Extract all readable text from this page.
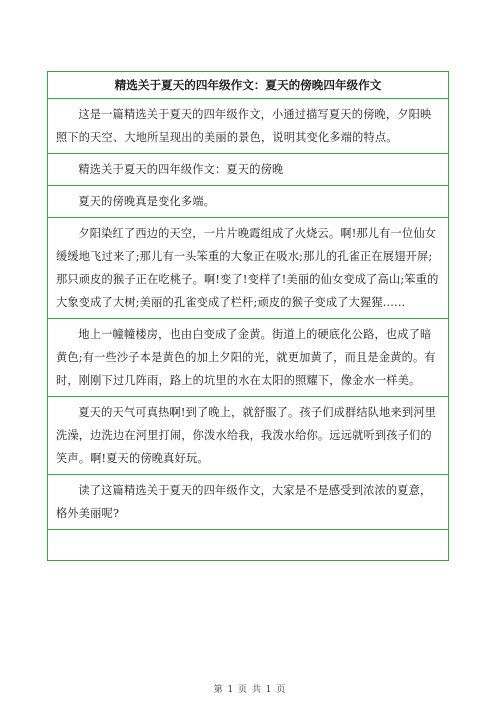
精选关于夏天的四年级作文：夏天的傍晚四年级作文

这是一篇精选关于夏天的四年级作文，小通过描写夏天的傍晚，夕阳映照下的天空、大地所呈现出的美丽的景色，说明其变化多端的特点。

精选关于夏天的四年级作文：夏天的傍晚

夏天的傍晚真是变化多端。

夕阳染红了西边的天空，一片片晚霞组成了火烧云。啊!那儿有一位仙女缓缓地飞过来了;那儿有一头笨重的大象正在吸水;那儿的孔雀正在展翅开屏;那只顽皮的猴子正在吃桃子。啊!变了!变样了!美丽的仙女变成了高山;笨重的大象变成了大树;美丽的孔雀变成了栏杆;顽皮的猴子变成了大猩猩......

地上一幢幢楼房，也由白变成了金黄。街道上的硬底化公路，也成了暗黄色;有一些沙子本是黄色的加上夕阳的光，就更加黄了，而且是金黄的。有时，刚刚下过几阵雨，路上的坑里的水在太阳的照耀下，像金水一样美。

夏天的天气可真热啊!到了晚上，就舒服了。孩子们成群结队地来到河里洗澡，边洗边在河里打闹，你泼水给我，我泼水给你。远远就听到孩子们的笑声。啊!夏天的傍晚真好玩。

读了这篇精选关于夏天的四年级作文，大家是不是感受到浓浓的夏意，格外美丽呢?

第 1 页 共 1 页
